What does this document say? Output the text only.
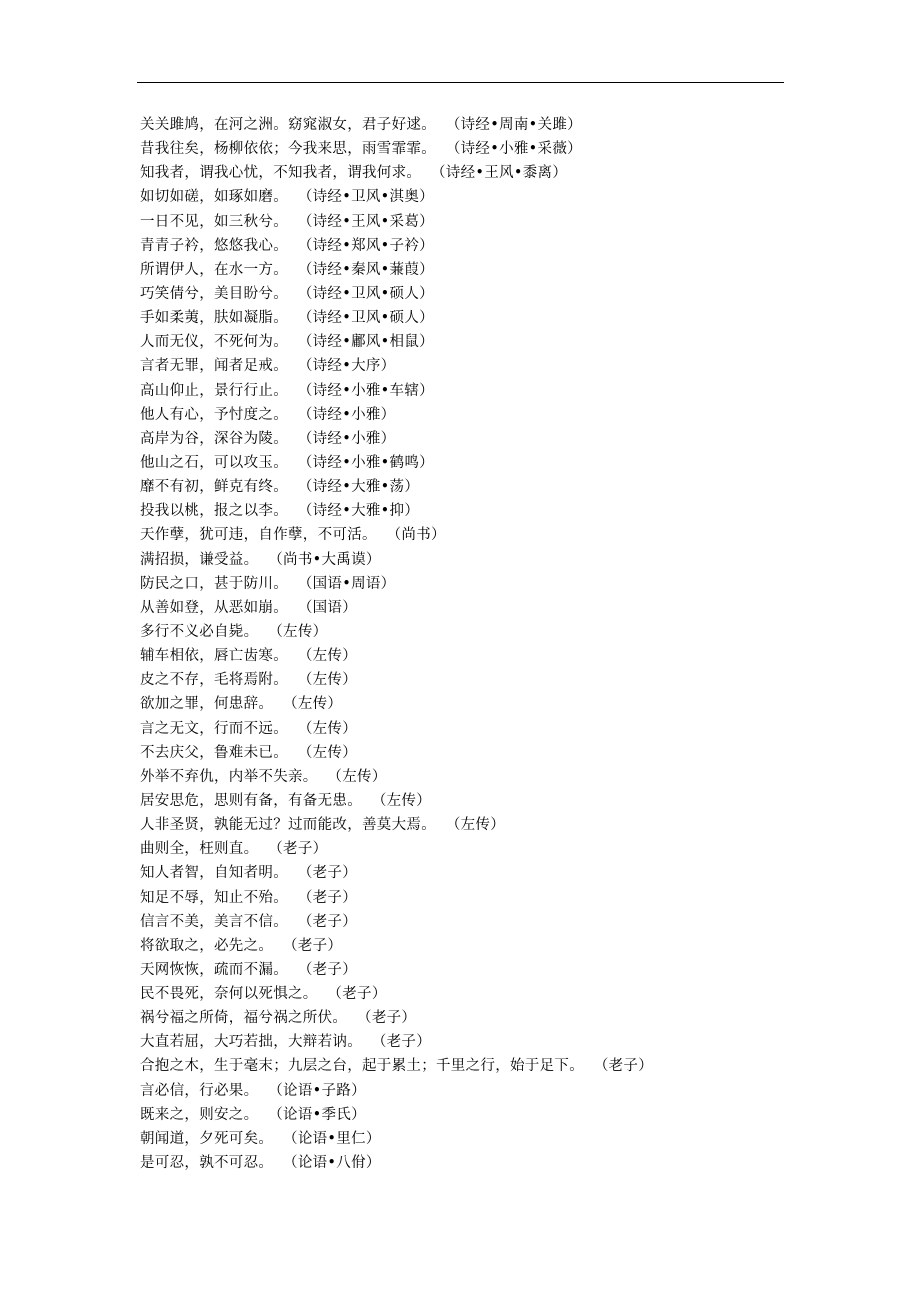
关关雎鸠，在河之洲。窈窕淑女，君子好逑。  （诗经•周南•关雎）
昔我往矣，杨柳依依；今我来思，雨雪霏霏。  （诗经•小雅•采薇）
知我者，谓我心忧，不知我者，谓我何求。  （诗经•王风•黍离）
如切如磋，如琢如磨。  （诗经•卫风•淇奥）
一日不见，如三秋兮。  （诗经•王风•采葛）
青青子衿，悠悠我心。  （诗经•郑风•子衿）
所谓伊人，在水一方。  （诗经•秦风•蒹葭）
巧笑倩兮，美目盼兮。  （诗经•卫风•硕人）
手如柔荑，肤如凝脂。  （诗经•卫风•硕人）
人而无仪，不死何为。  （诗经•鄘风•相鼠）
言者无罪，闻者足戒。  （诗经•大序）
高山仰止，景行行止。  （诗经•小雅•车辖）
他人有心，予忖度之。  （诗经•小雅）
高岸为谷，深谷为陵。  （诗经•小雅）
他山之石，可以攻玉。  （诗经•小雅•鹤鸣）
靡不有初，鲜克有终。  （诗经•大雅•荡）
投我以桃，报之以李。  （诗经•大雅•抑）
天作孽，犹可违，自作孽，不可活。  （尚书）
满招损，谦受益。  （尚书•大禹谟）
防民之口，甚于防川。  （国语•周语）
从善如登，从恶如崩。  （国语）
多行不义必自毙。  （左传）
辅车相依，唇亡齿寒。  （左传）
皮之不存，毛将焉附。  （左传）
欲加之罪，何患辞。  （左传）
言之无文，行而不远。  （左传）
不去庆父，鲁难未已。  （左传）
外举不弃仇，内举不失亲。  （左传）
居安思危，思则有备，有备无患。  （左传）
人非圣贤，孰能无过？过而能改，善莫大焉。  （左传）
曲则全，枉则直。  （老子）
知人者智，自知者明。  （老子）
知足不辱，知止不殆。  （老子）
信言不美，美言不信。  （老子）
将欲取之，必先之。  （老子）
天网恢恢，疏而不漏。  （老子）
民不畏死，奈何以死惧之。  （老子）
祸兮福之所倚，福兮祸之所伏。  （老子）
大直若屈，大巧若拙，大辩若讷。  （老子）
合抱之木，生于毫末；九层之台，起于累土；千里之行，始于足下。  （老子）
言必信，行必果。  （论语•子路）
既来之，则安之。  （论语•季氏）
朝闻道，夕死可矣。  （论语•里仁）
是可忍，孰不可忍。  （论语•八佾）
